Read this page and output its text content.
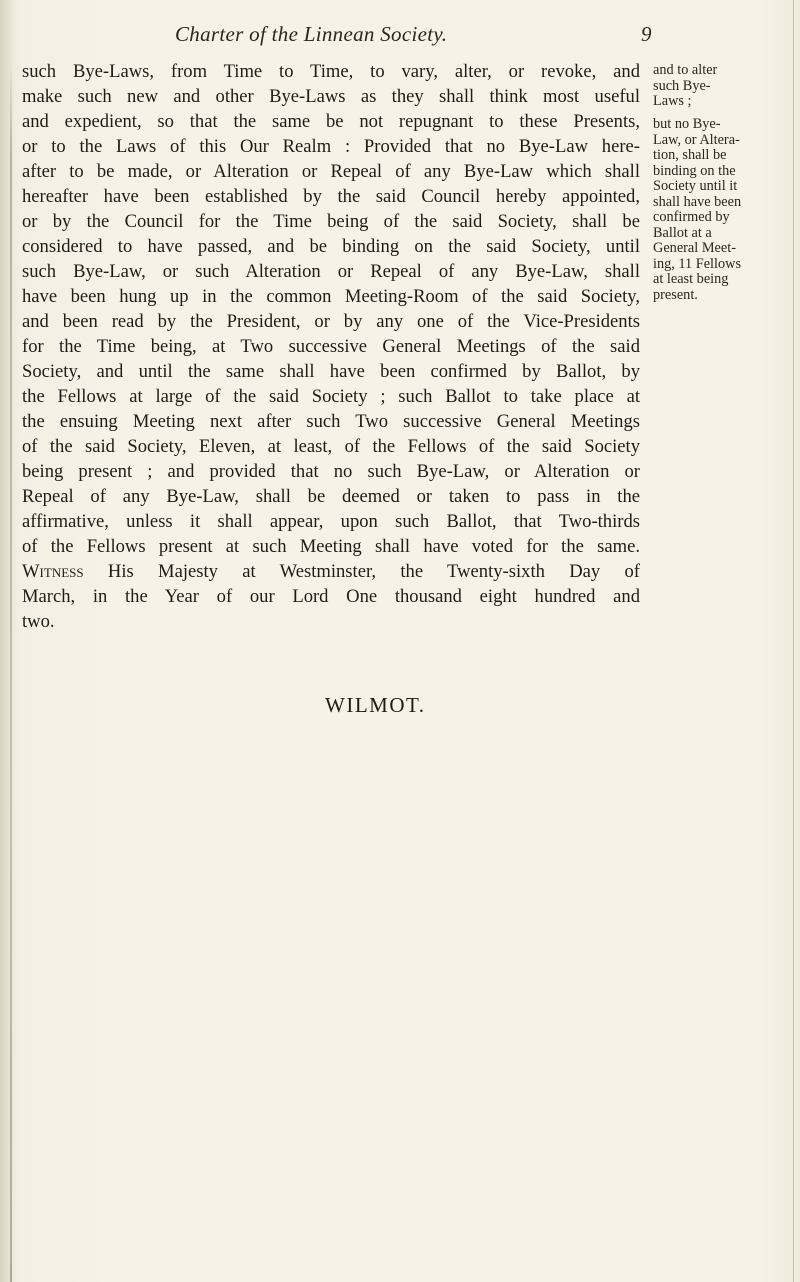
Charter of the Linnean Society.	9
such Bye-Laws, from Time to Time, to vary, alter, or revoke, and
make such new and other Bye-Laws as they shall think most useful
and expedient, so that the same be not repugnant to these Presents,
or to the Laws of this Our Realm : Provided that no Bye-Law here-
after to be made, or Alteration or Repeal of any Bye-Law which shall
hereafter have been established by the said Council hereby appointed,
or by the Council for the Time being of the said Society, shall be
considered to have passed, and be binding on the said Society, until
such Bye-Law, or such Alteration or Repeal of any Bye-Law, shall
have been hung up in the common Meeting-Room of the said Society,
and been read by the President, or by any one of the Vice-Presidents
for the Time being, at Two successive General Meetings of the said
Society, and until the same shall have been confirmed by Ballot, by
the Fellows at large of the said Society ; such Ballot to take place at
the ensuing Meeting next after such Two successive General Meetings
of the said Society, Eleven, at least, of the Fellows of the said Society
being present ; and provided that no such Bye-Law, or Alteration or
Repeal of any Bye-Law, shall be deemed or taken to pass in the
affirmative, unless it shall appear, upon such Ballot, that Two-thirds
of the Fellows present at such Meeting shall have voted for the same.
Witness His Majesty at Westminster, the Twenty-sixth Day of
March, in the Year of our Lord One thousand eight hundred and
two.
WILMOT.
and to alter
such Bye-
Laws ;
but no Bye-
Law, or Altera-
tion, shall be
binding on the
Society until it
shall have been
confirmed by
Ballot at a
General Meet-
ing, 11 Fellows
at least being
present.
